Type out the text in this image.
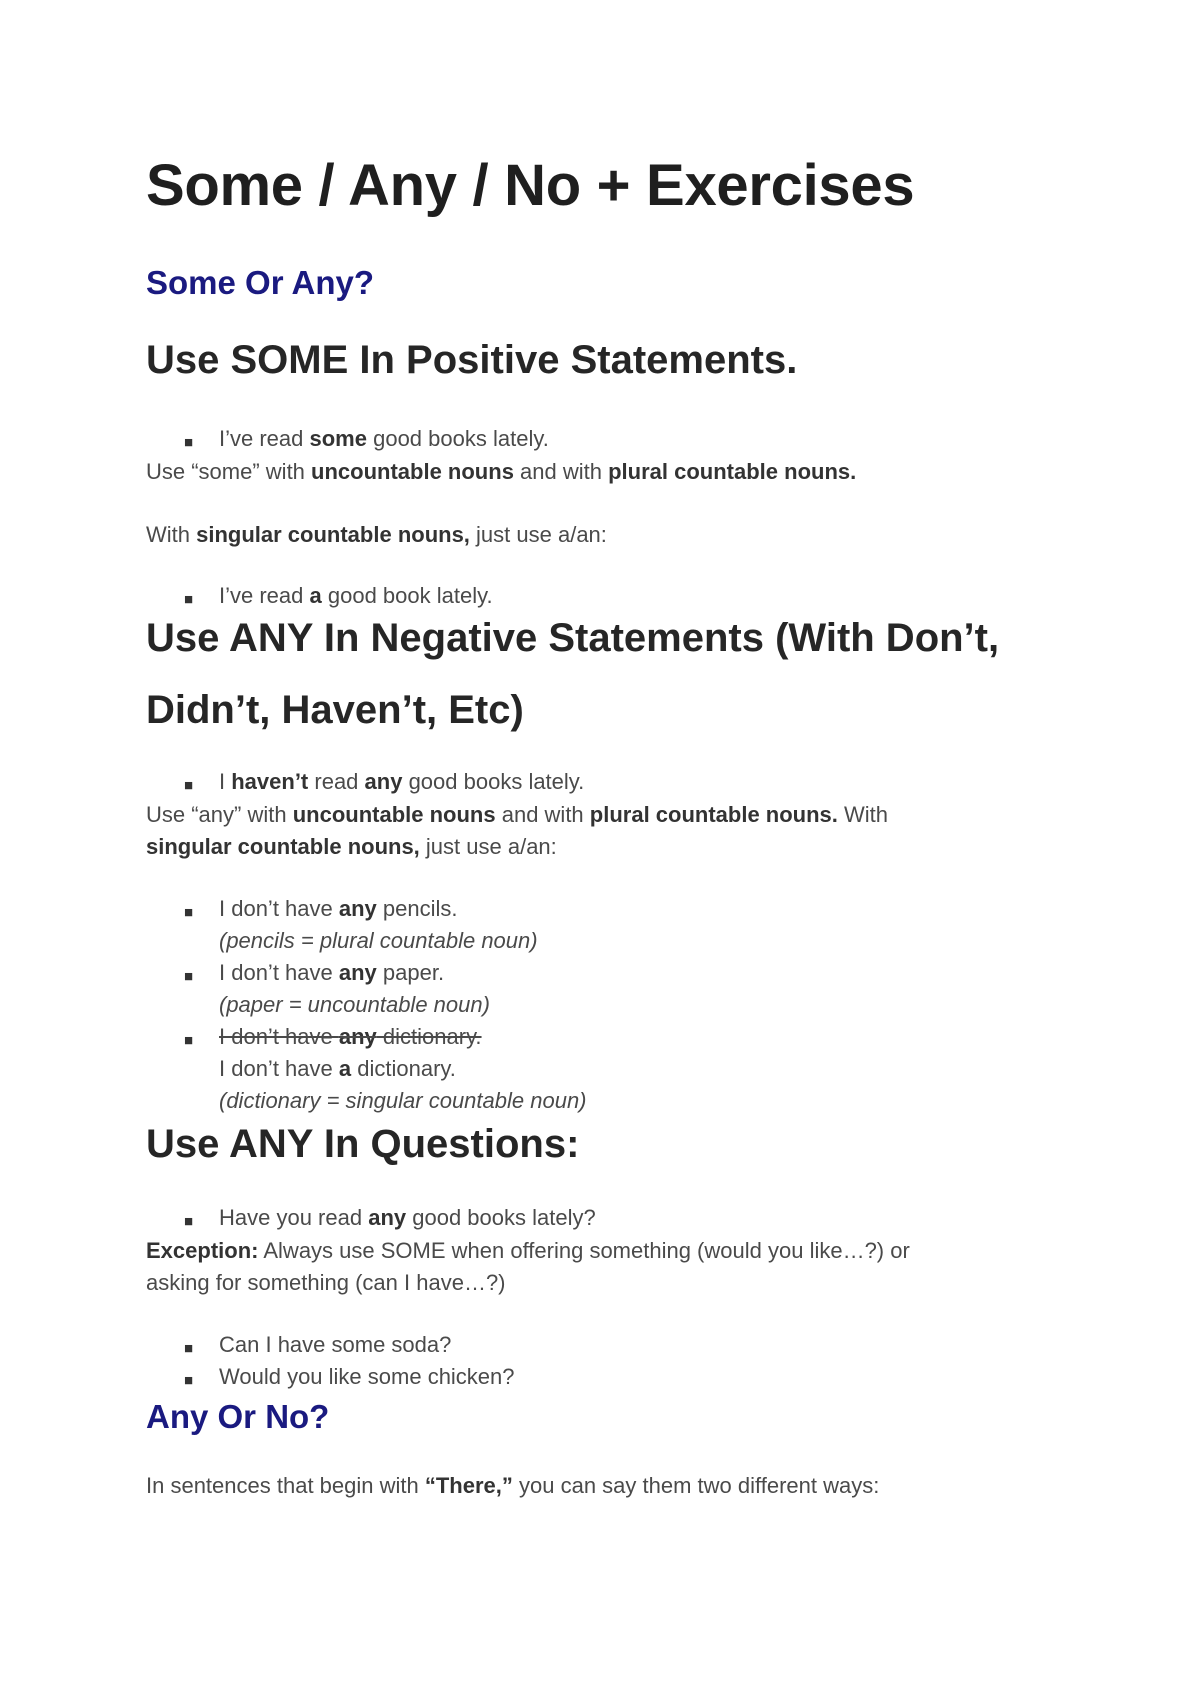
Some / Any / No + Exercises
Some Or Any?
Use SOME In Positive Statements.
■ I’ve read some good books lately.
Use “some” with uncountable nouns and with plural countable nouns.
With singular countable nouns, just use a/an:
■ I’ve read a good book lately.
Use ANY In Negative Statements (With Don’t,
Didn’t, Haven’t, Etc)
■ I haven’t read any good books lately.
Use “any” with uncountable nouns and with plural countable nouns. With
singular countable nouns, just use a/an:
■ I don’t have any pencils.
(pencils = plural countable noun)
■ I don’t have any paper.
(paper = uncountable noun)
■ I don’t have any dictionary.
I don’t have a dictionary.
(dictionary = singular countable noun)
Use ANY In Questions:
■ Have you read any good books lately?
Exception: Always use SOME when offering something (would you like…?) or
asking for something (can I have…?)
■ Can I have some soda?
■ Would you like some chicken?
Any Or No?
In sentences that begin with “There,” you can say them two different ways:
